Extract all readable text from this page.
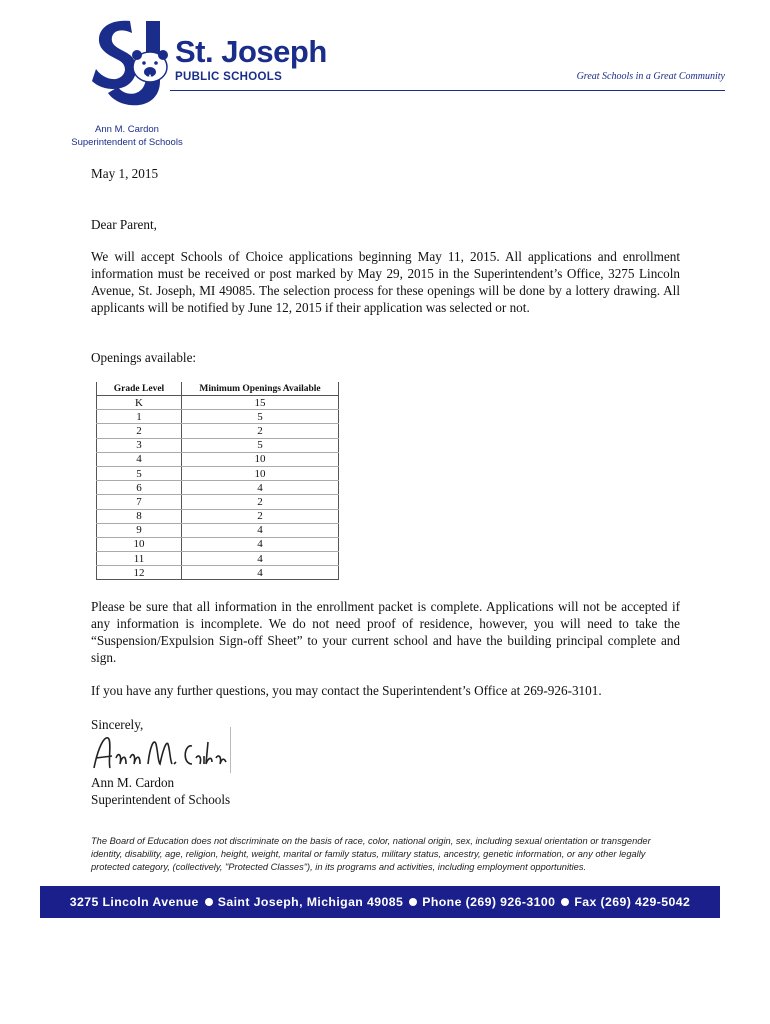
St. Joseph
PUBLIC SCHOOLS	Great Schools in a Great Community
Ann M. Cardon
Superintendent of Schools

May 1, 2015

Dear Parent,

We will accept Schools of Choice applications beginning May 11, 2015. All applications and enrollment information must be received or post marked by May 29, 2015 in the Superintendent’s Office, 3275 Lincoln Avenue, St. Joseph, MI 49085. The selection process for these openings will be done by a lottery drawing. All applicants will be notified by June 12, 2015 if their application was selected or not.

Openings available:

Grade Level	Minimum Openings Available
K	15
1	5
2	2
3	5
4	10
5	10
6	4
7	2
8	2
9	4
10	4
11	4
12	4

Please be sure that all information in the enrollment packet is complete. Applications will not be accepted if any information is incomplete. We do not need proof of residence, however, you will need to take the “Suspension/Expulsion Sign-off Sheet” to your current school and have the building principal complete and sign.

If you have any further questions, you may contact the Superintendent’s Office at 269-926-3101.

Sincerely,

Ann M. Cardon

Superintendent of Schools

The Board of Education does not discriminate on the basis of race, color, national origin, sex, including sexual orientation or transgender identity, disability, age, religion, height, weight, marital or family status, military status, ancestry, genetic information, or any other legally protected category, (collectively, "Protected Classes"), in its programs and activities, including employment opportunities.

3275 Lincoln Avenue Saint Joseph, Michigan 49085 Phone (269) 926-3100 Fax (269) 429-5042
